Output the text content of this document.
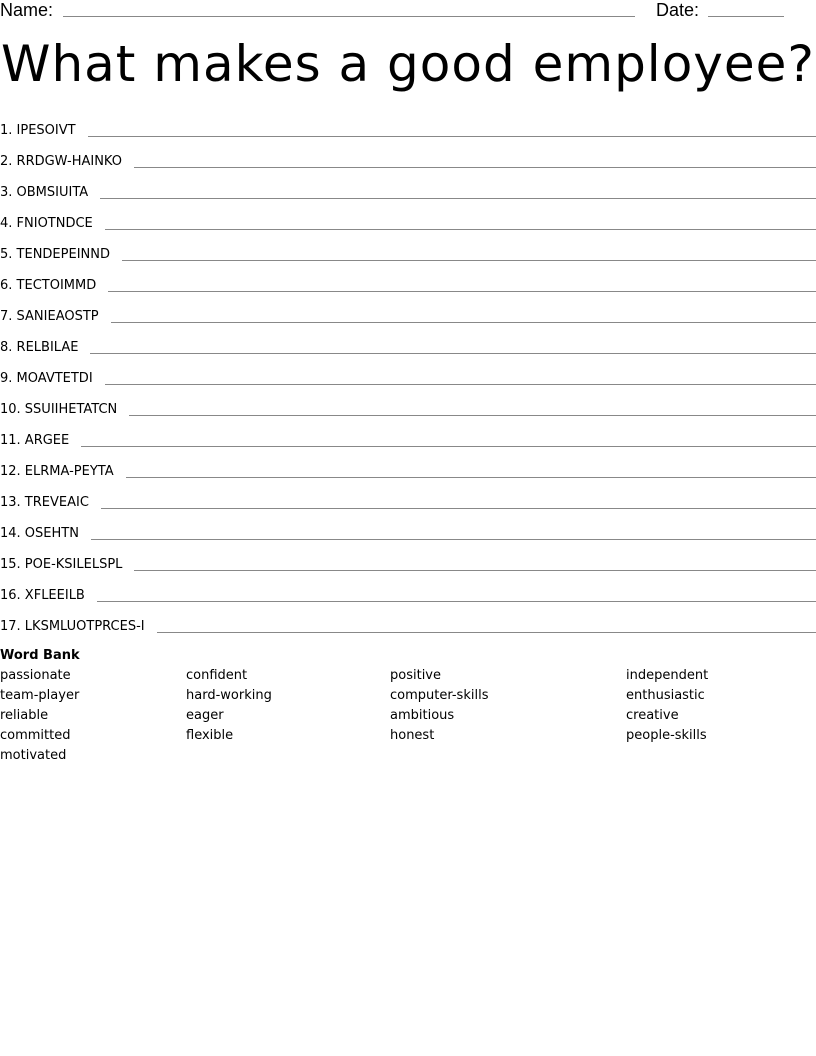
Name:	Date:
What makes a good employee?
1. IPESOIVT
2. RRDGW-HAINKO
3. OBMSIUITA
4. FNIOTNDCE
5. TENDEPEINND
6. TECTOIMMD
7. SANIEAOSTP
8. RELBILAE
9. MOAVTETDI
10. SSUIIHETATCN
11. ARGEE
12. ELRMA-PEYTA
13. TREVEAIC
14. OSEHTN
15. POE-KSILELSPL
16. XFLEEILB
17. LKSMLUOTPRCES-I
Word Bank
passionate
team-player
reliable
committed
motivated
confident
hard-working
eager
flexible
positive
computer-skills
ambitious
honest
independent
enthusiastic
creative
people-skills
